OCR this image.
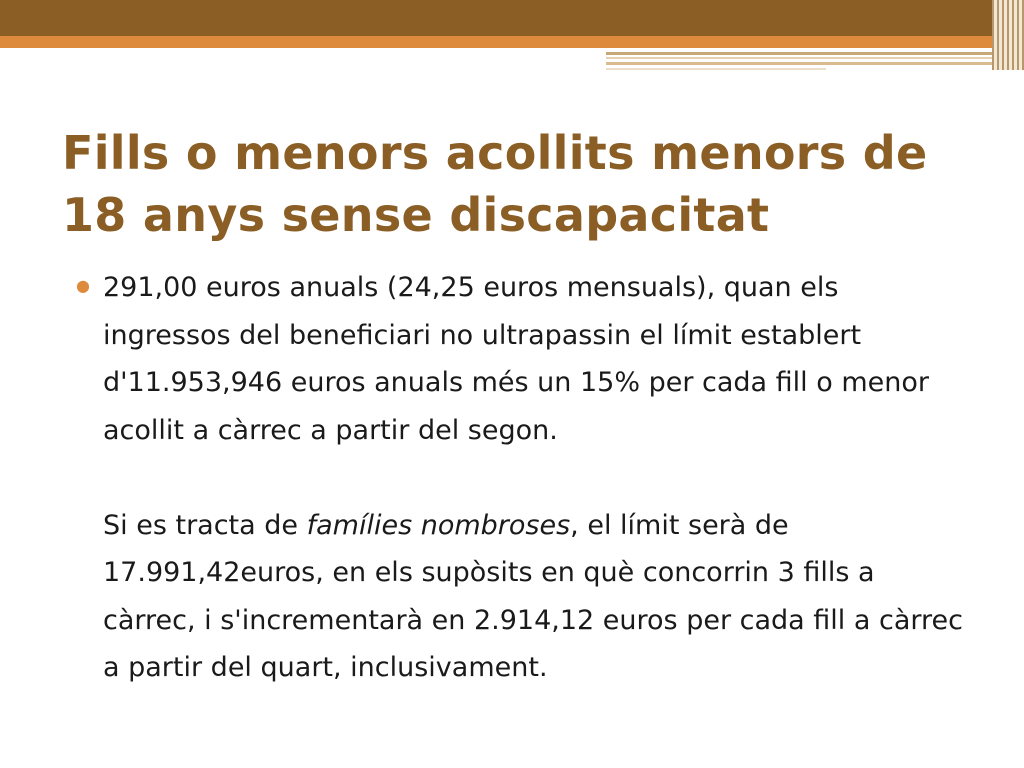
Fills o menors acollits menors de
18 anys sense discapacitat
● 291,00 euros anuals (24,25 euros mensuals), quan els ingressos del beneficiari no ultrapassin el límit establert d'11.953,946 euros anuals més un 15% per cada fill o menor acollit a càrrec a partir del segon.

Si es tracta de famílies nombroses, el límit serà de 17.991,42euros, en els supòsits en què concorrin 3 fills a càrrec, i s'incrementarà en 2.914,12 euros per cada fill a càrrec a partir del quart, inclusivament.
